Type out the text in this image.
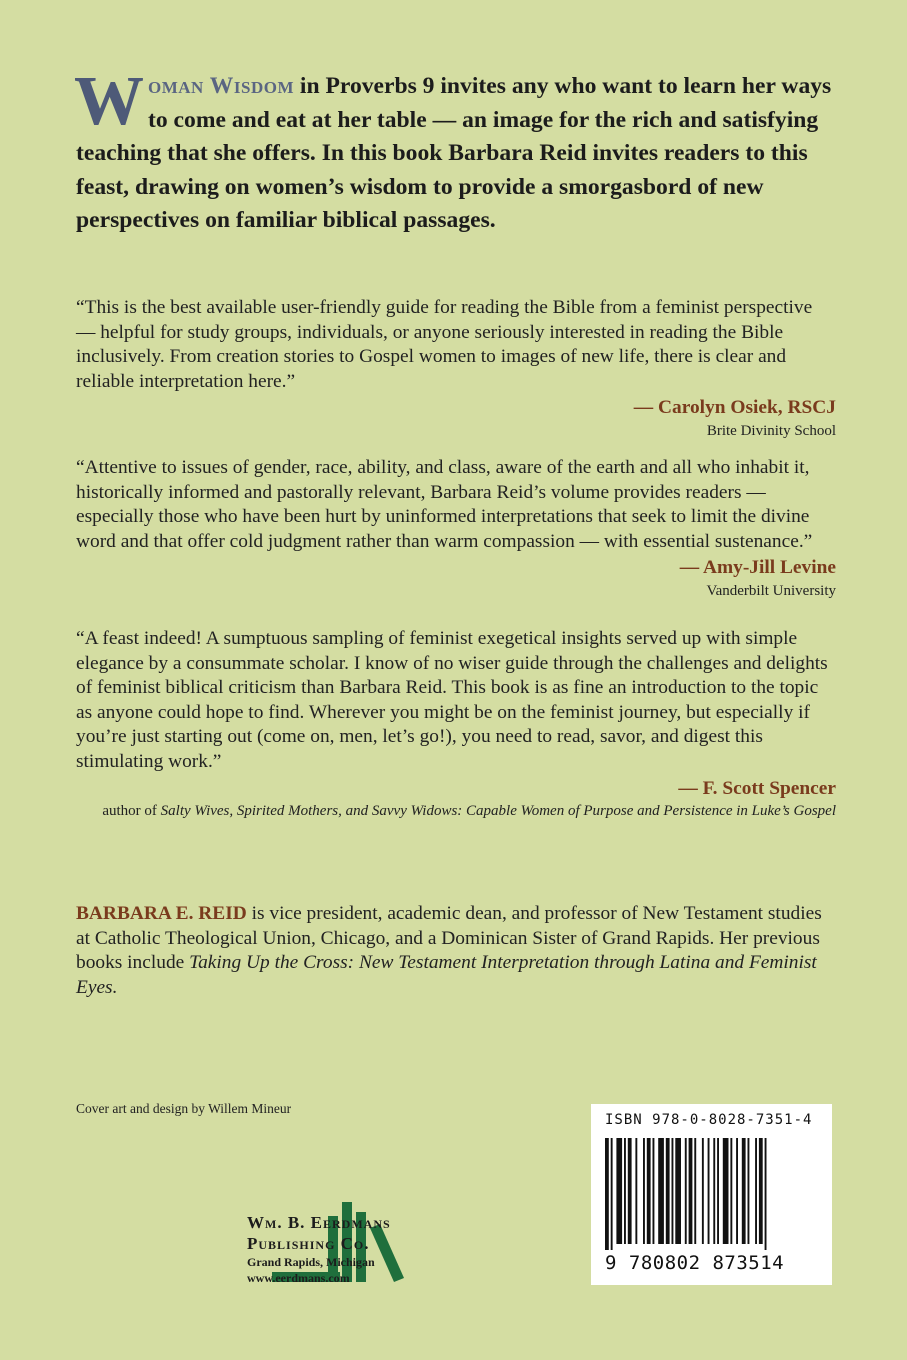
Woman Wisdom in Proverbs 9 invites any who want to learn her ways to come and eat at her table — an image for the rich and satisfying teaching that she offers. In this book Barbara Reid invites readers to this feast, drawing on women’s wisdom to provide a smorgasbord of new perspectives on familiar biblical passages.

“This is the best available user-friendly guide for reading the Bible from a feminist perspective — helpful for study groups, individuals, or anyone seriously interested in reading the Bible inclusively. From creation stories to Gospel women to images of new life, there is clear and reliable interpretation here.”

— Carolyn Osiek, RSCJ
Brite Divinity School

“Attentive to issues of gender, race, ability, and class, aware of the earth and all who inhabit it, historically informed and pastorally relevant, Barbara Reid’s volume provides readers — especially those who have been hurt by uninformed interpretations that seek to limit the divine word and that offer cold judgment rather than warm compassion — with essential sustenance.”

— Amy-Jill Levine
Vanderbilt University

“A feast indeed! A sumptuous sampling of feminist exegetical insights served up with simple elegance by a consummate scholar. I know of no wiser guide through the challenges and delights of feminist biblical criticism than Barbara Reid. This book is as fine an introduction to the topic as anyone could hope to find. Wherever you might be on the feminist journey, but especially if you’re just starting out (come on, men, let’s go!), you need to read, savor, and digest this stimulating work.”

— F. Scott Spencer
author of Salty Wives, Spirited Mothers, and Savvy Widows: Capable Women of Purpose and Persistence in Luke’s Gospel
BARBARA E. REID is vice president, academic dean, and professor of New Testament studies at Catholic Theological Union, Chicago, and a Dominican Sister of Grand Rapids. Her previous books include Taking Up the Cross: New Testament Interpretation through Latina and Feminist Eyes.
Cover art and design by Willem Mineur
Wm. B. Eerdmans
Publishing Co.
Grand Rapids, Michigan
www.eerdmans.com
ISBN 978-0-8028-7351-4
9 780802 873514
